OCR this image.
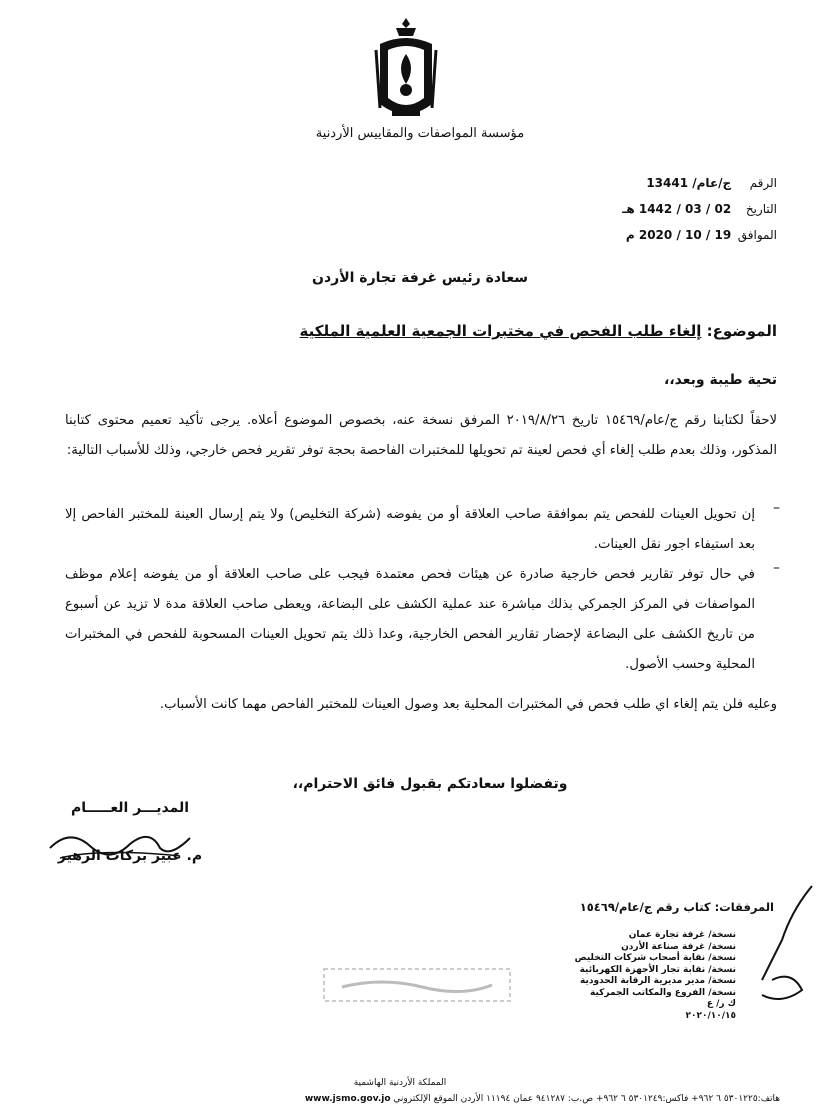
مؤسسة المواصفات والمقاييس الأردنية
الرقم ج/عام/ 13441
التاريخ 02 / 03 / 1442 هـ
الموافق 19 / 10 / 2020 م
سعادة رئيس غرفة تجارة الأردن
الموضوع: إلغاء طلب الفحص في مختبرات الجمعية العلمية الملكية
تحية طيبة وبعد،،
لاحقاً لكتابنا رقم ج/عام/١٥٤٦٩ تاريخ ٢٠١٩/٨/٢٦ المرفق نسخة عنه، بخصوص الموضوع أعلاه. يرجى تأكيد تعميم محتوى كتابنا المذكور، وذلك بعدم طلب إلغاء أي فحص لعينة تم تحويلها للمختبرات الفاحصة بحجة توفر تقرير فحص خارجي، وذلك للأسباب التالية:
–
إن تحويل العينات للفحص يتم بموافقة صاحب العلاقة أو من يفوضه (شركة التخليص) ولا يتم إرسال العينة للمختبر الفاحص إلا بعد استيفاء اجور نقل العينات.
–
في حال توفر تقارير فحص خارجية صادرة عن هيئات فحص معتمدة فيجب على صاحب العلاقة أو من يفوضه إعلام موظف المواصفات في المركز الجمركي بذلك مباشرة عند عملية الكشف على البضاعة، ويعطى صاحب العلاقة مدة لا تزيد عن أسبوع من تاريخ الكشف على البضاعة لإحضار تقارير الفحص الخارجية، وعدا ذلك يتم تحويل العينات المسحوبة للفحص في المختبرات المحلية وحسب الأصول.
وعليه فلن يتم إلغاء اي طلب فحص في المختبرات المحلية بعد وصول العينات للمختبر الفاحص مهما كانت الأسباب.
وتفضلوا سعادتكم بقبول فائق الاحترام،،
المديـــر العـــــام
م. عبير بركات الزهير
المرفقات: كتاب رقم ج/عام/١٥٤٦٩
نسخة/ غرفة تجارة عمان
نسخة/ غرفة صناعة الأردن
نسخة/ نقابة أصحاب شركات التخليص
نسخة/ نقابة تجار الأجهزة الكهربائية
نسخة/ مدير مديرية الرقابة الحدودية
نسخة/ الفروع والمكاتب الجمركية
ك ر/ ع
٢٠٢٠/١٠/١٥
المملكة الأردنية الهاشمية
هاتف:٥٣٠١٢٢٥ ٦ ٩٦٢+ فاكس:٥٣٠١٢٤٩ ٦ ٩٦٢+ ص.ب: ٩٤١٢٨٧ عمان ١١١٩٤ الأردن الموقع الإلكتروني www.jsmo.gov.jo
